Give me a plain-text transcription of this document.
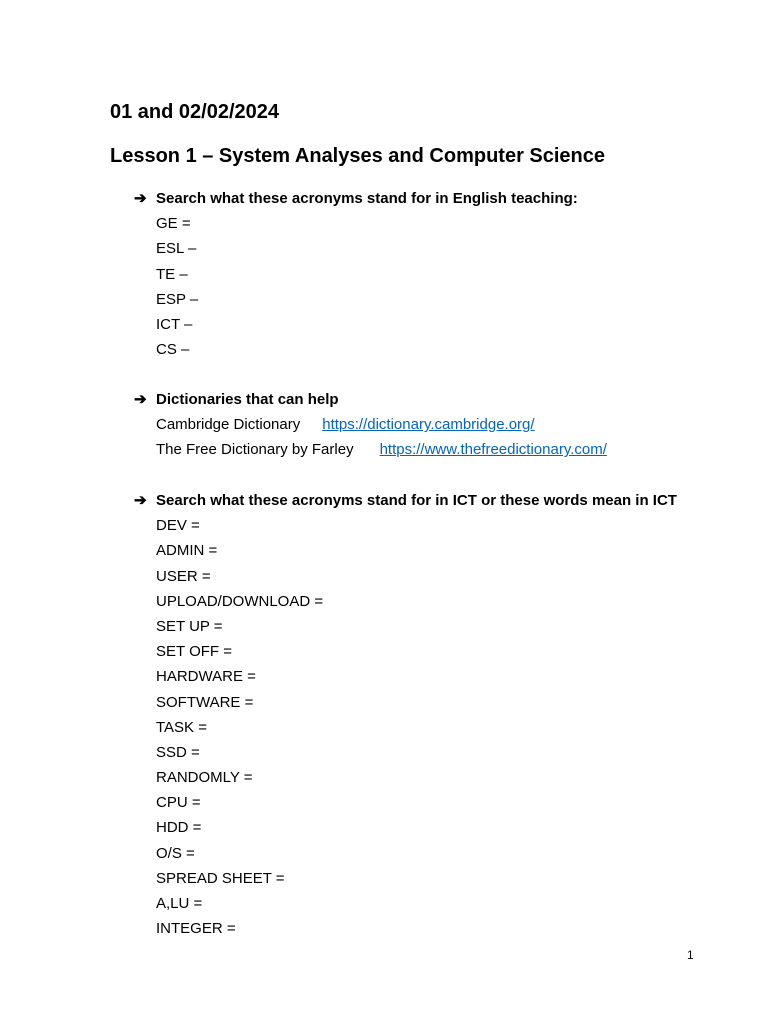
01 and 02/02/2024
Lesson 1 – System Analyses and Computer Science
➔ Search what these acronyms stand for in English teaching:
GE =
ESL –
TE –
ESP –
ICT –
CS –
➔ Dictionaries that can help
Cambridge Dictionary https://dictionary.cambridge.org/
The Free Dictionary by Farley https://www.thefreedictionary.com/
➔ Search what these acronyms stand for in ICT or these words mean in ICT
DEV =
ADMIN =
USER =
UPLOAD/DOWNLOAD =
SET UP =
SET OFF =
HARDWARE =
SOFTWARE =
TASK =
SSD =
RANDOMLY =
CPU =
HDD =
O/S =
SPREAD SHEET =
A,LU =
INTEGER =
1
